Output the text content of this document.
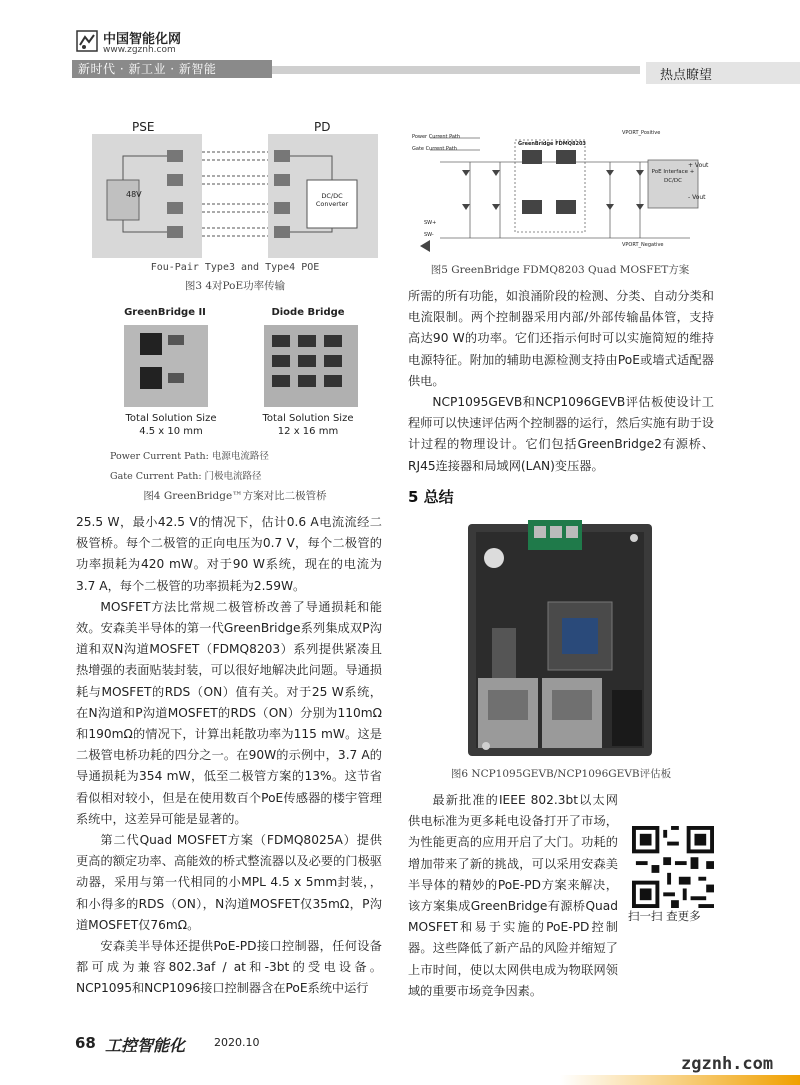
中国智能化网
www.zgznh.com
新时代 · 新工业 · 新智能	热点瞭望
PSE	PD
48V	DC/DC Converter
Fou-Pair Type3 and Type4 POE
图3 4对PoE功率传输
GreenBridge II	Diode Bridge
Total Solution Size
4.5 x 10 mm
Total Solution Size
12 x 16 mm
Power Current Path: 电源电流路径
Gate Current Path: 门极电流路径
图4 GreenBridge™方案对比二极管桥
Power Current Path
Gate Current Path
VPORT_Positive
GreenBridge FDMQ8203
PoE Interface + DC/DC
+ Vout
- Vout
SW+
SW-
VPORT_Negative
图5 GreenBridge FDMQ8203 Quad MOSFET方案

25.5 W，最小42.5 V的情况下，估计0.6 A电流流经二极管桥。每个二极管的正向电压为0.7 V，每个二极管的功率损耗为420 mW。对于90 W系统，现在的电流为3.7 A，每个二极管的功率损耗为2.59W。

MOSFET方法比常规二极管桥改善了导通损耗和能效。安森美半导体的第一代GreenBridge系列集成双P沟道和双N沟道MOSFET（FDMQ8203）系列提供紧凑且热增强的表面贴装封装，可以很好地解决此问题。导通损耗与MOSFET的RDS（ON）值有关。对于25 W系统，在N沟道和P沟道MOSFET的RDS（ON）分别为110mΩ和190mΩ的情况下，计算出耗散功率为115 mW。这是二极管电桥功耗的四分之一。在90W的示例中，3.7 A的导通损耗为354 mW，低至二极管方案的13%。这节省看似相对较小，但是在使用数百个PoE传感器的楼宇管理系统中，这差异可能是显著的。

第二代Quad MOSFET方案（FDMQ8025A）提供更高的额定功率、高能效的桥式整流器以及必要的门极驱动器，采用与第一代相同的小MPL 4.5 x 5mm封装，，和小得多的RDS（ON），N沟道MOSFET仅35mΩ，P沟道MOSFET仅76mΩ。

安森美半导体还提供PoE-PD接口控制器，任何设备都可成为兼容802.3af / at和-3bt的受电设备。NCP1095和NCP1096接口控制器含在PoE系统中运行

所需的所有功能，如浪涌阶段的检测、分类、自动分类和电流限制。两个控制器采用内部/外部传输晶体管，支持高达90 W的功率。它们还指示何时可以实施简短的维持电源特征。附加的辅助电源检测支持由PoE或墙式适配器供电。

NCP1095GEVB和NCP1096GEVB评估板使设计工程师可以快速评估两个控制器的运行，然后实施有助于设计过程的物理设计。它们包括GreenBridge2有源桥、RJ45连接器和局域网(LAN)变压器。

5 总结
图6 NCP1095GEVB/NCP1096GEVB评估板

最新批准的IEEE 802.3bt以太网供电标准为更多耗电设备打开了市场，为性能更高的应用开启了大门。功耗的增加带来了新的挑战，可以采用安森美半导体的精妙的PoE-PD方案来解决，该方案集成GreenBridge有源桥Quad MOSFET和易于实施的PoE-PD控制器。这些降低了新产品的风险并缩短了上市时间，使以太网供电成为物联网领域的重要市场竞争因素。

扫一扫 查更多
68 工控智能化	2020.10
zgznh.com
